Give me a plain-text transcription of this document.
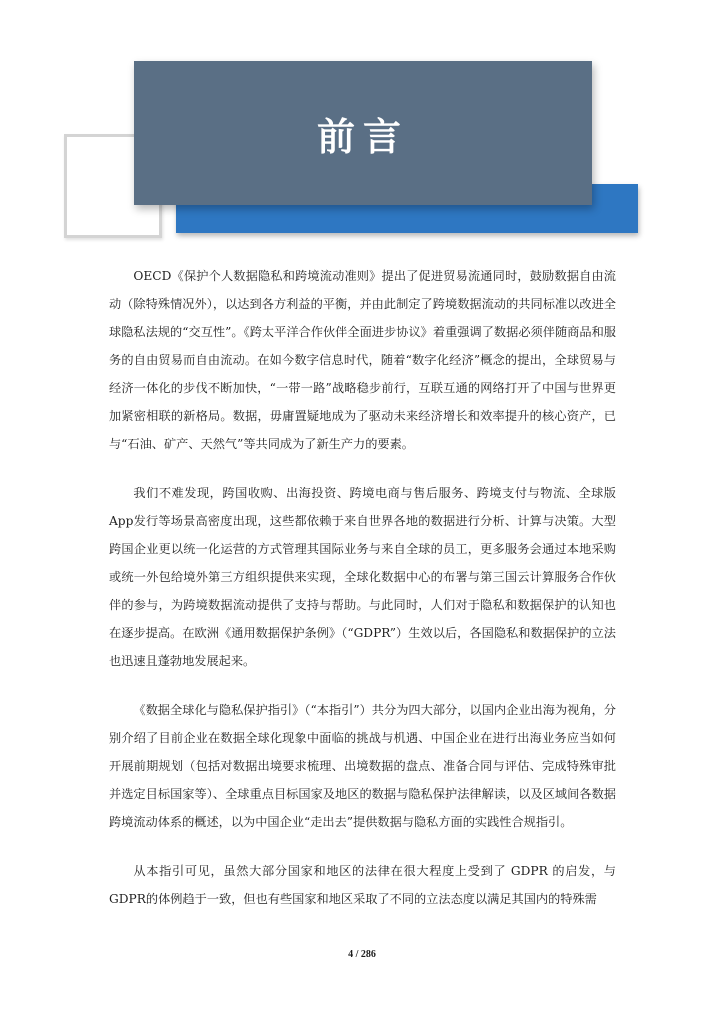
前言

OECD《保护个人数据隐私和跨境流动准则》提出了促进贸易流通同时，鼓励数据自由流动（除特殊情况外），以达到各方利益的平衡，并由此制定了跨境数据流动的共同标准以改进全球隐私法规的“交互性”。《跨太平洋合作伙伴全面进步协议》着重强调了数据必须伴随商品和服务的自由贸易而自由流动。在如今数字信息时代，随着“数字化经济”概念的提出，全球贸易与经济一体化的步伐不断加快，“一带一路”战略稳步前行，互联互通的网络打开了中国与世界更加紧密相联的新格局。数据，毋庸置疑地成为了驱动未来经济增长和效率提升的核心资产，已与“石油、矿产、天然气”等共同成为了新生产力的要素。

我们不难发现，跨国收购、出海投资、跨境电商与售后服务、跨境支付与物流、全球版App发行等场景高密度出现，这些都依赖于来自世界各地的数据进行分析、计算与决策。大型跨国企业更以统一化运营的方式管理其国际业务与来自全球的员工，更多服务会通过本地采购或统一外包给境外第三方组织提供来实现，全球化数据中心的布署与第三国云计算服务合作伙伴的参与，为跨境数据流动提供了支持与帮助。与此同时，人们对于隐私和数据保护的认知也在逐步提高。在欧洲《通用数据保护条例》（“GDPR”）生效以后，各国隐私和数据保护的立法也迅速且蓬勃地发展起来。

《数据全球化与隐私保护指引》（“本指引”）共分为四大部分，以国内企业出海为视角，分别介绍了目前企业在数据全球化现象中面临的挑战与机遇、中国企业在进行出海业务应当如何开展前期规划（包括对数据出境要求梳理、出境数据的盘点、准备合同与评估、完成特殊审批并选定目标国家等）、全球重点目标国家及地区的数据与隐私保护法律解读，以及区域间各数据跨境流动体系的概述，以为中国企业“走出去”提供数据与隐私方面的实践性合规指引。

从本指引可见，虽然大部分国家和地区的法律在很大程度上受到了 GDPR 的启发，与GDPR的体例趋于一致，但也有些国家和地区采取了不同的立法态度以满足其国内的特殊需

4 / 286
